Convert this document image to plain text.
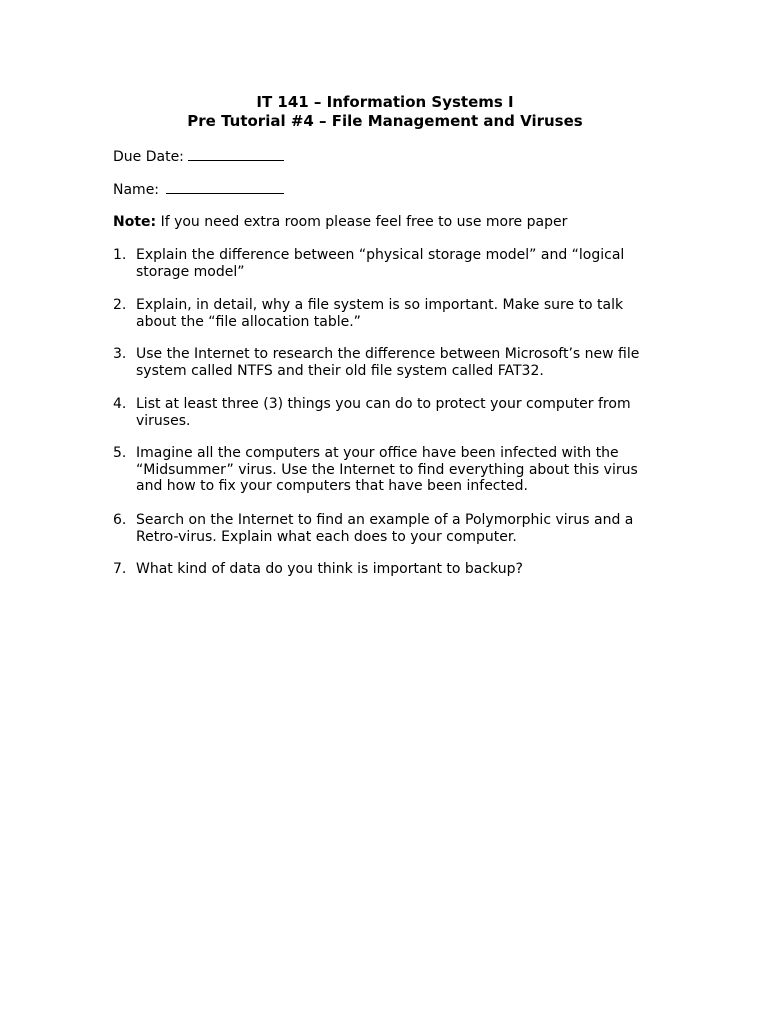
IT 141 – Information Systems I
Pre Tutorial #4 – File Management and Viruses
Due Date:
Name:
Note: If you need extra room please feel free to use more paper
1. Explain the difference between “physical storage model” and “logical storage model”
2. Explain, in detail, why a file system is so important. Make sure to talk about the “file allocation table.”
3. Use the Internet to research the difference between Microsoft’s new file system called NTFS and their old file system called FAT32.
4. List at least three (3) things you can do to protect your computer from viruses.
5. Imagine all the computers at your office have been infected with the “Midsummer” virus. Use the Internet to find everything about this virus and how to fix your computers that have been infected.
6. Search on the Internet to find an example of a Polymorphic virus and a Retro-virus. Explain what each does to your computer.
7. What kind of data do you think is important to backup?
